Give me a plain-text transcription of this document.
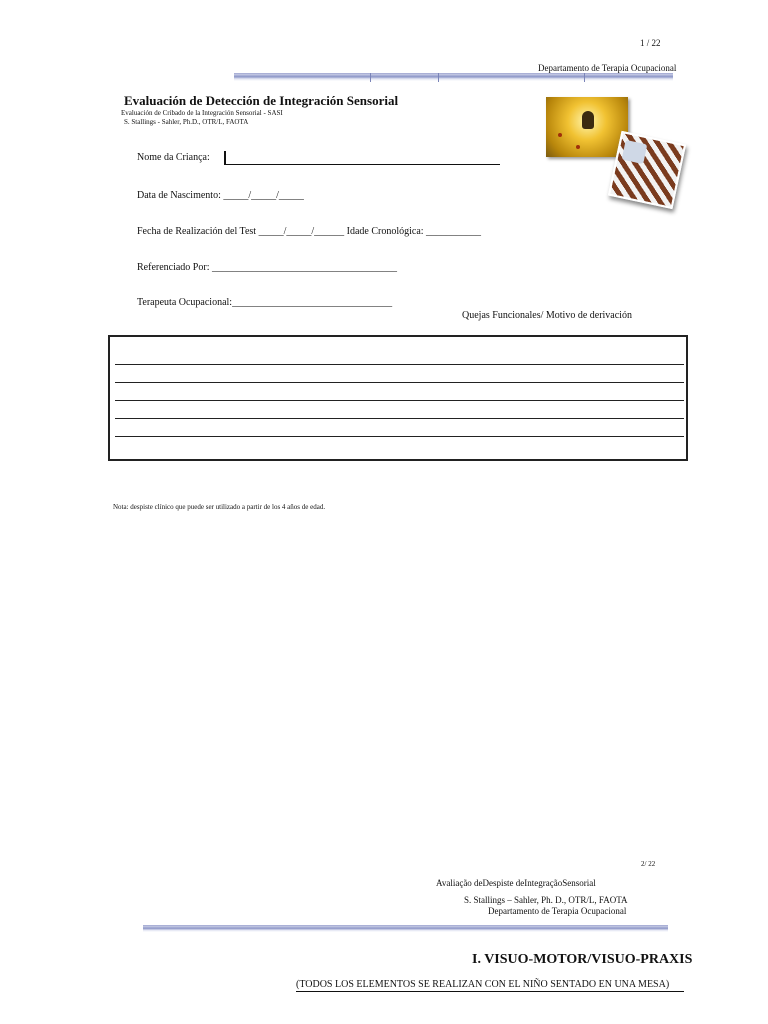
1 / 22
Departamento de Terapia Ocupacional
Evaluación de Detección de Integración Sensorial
Evaluación de Cribado de la Integración Sensorial - SASI
S. Stallings - Sahler, Ph.D., OTR/L, FAOTA
Nome da Criança:
Data de Nascimento: _____/_____/_____
Fecha de Realización del Test _____/_____/______ Idade Cronológica: ___________
Referenciado Por: _____________________________________
Terapeuta Ocupacional:________________________________
Quejas Funcionales/ Motivo de derivación
Nota: despiste clínico que puede ser utilizado a partir de los 4 años de edad.
2/ 22
Avaliação deDespiste deIntegraçãoSensorial
S. Stallings – Sahler, Ph. D., OTR/L, FAOTA
Departamento de Terapia Ocupacional
I. VISUO-MOTOR/VISUO-PRAXIS
(TODOS LOS ELEMENTOS SE REALIZAN CON EL NIÑO SENTADO EN UNA MESA)
